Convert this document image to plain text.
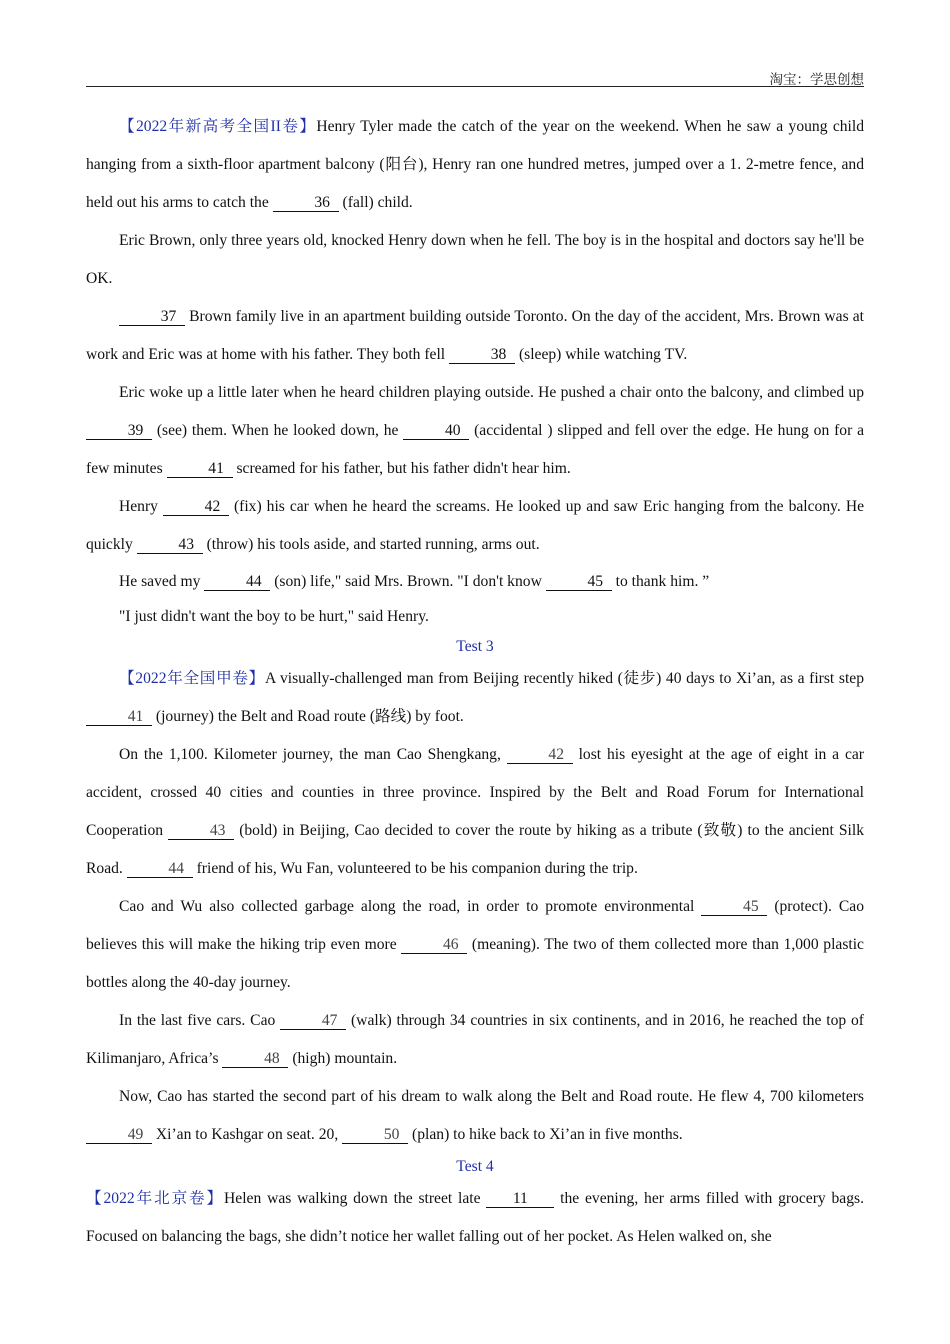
淘宝：学思创想

【2022年新高考全国II卷】Henry Tyler made the catch of the year on the weekend. When he saw a young child hanging from a sixth-floor apartment balcony (阳台), Henry ran one hundred metres, jumped over a 1. 2-metre fence, and held out his arms to catch the	36 (fall) child.

Eric Brown, only three years old, knocked Henry down when he fell. The boy is in the hospital and doctors say he'll be OK.

37 Brown family live in an apartment building outside Toronto. On the day of the accident, Mrs. Brown was at work and Eric was at home with his father. They both fell	38 (sleep) while watching TV.

Eric woke up a little later when he heard children playing outside. He pushed a chair onto the balcony, and climbed up 39 (see) them. When he looked down, he	40 (accidental ) slipped and fell over the edge. He hung on for a few minutes	41 screamed for his father, but his father didn't hear him.

Henry	42 (fix) his car when he heard the screams. He looked up and saw Eric hanging from the balcony. He quickly	43 (throw) his tools aside, and started running, arms out.

He saved my	44 (son) life," said Mrs. Brown. "I don't know	45 to thank him. ”

"I just didn't want the boy to be hurt," said Henry.

Test 3

【2022年全国甲卷】A visually-challenged man from Beijing recently hiked (徒步) 40 days to Xi’an, as a first step 41 (journey) the Belt and Road route (路线) by foot.

On the 1,100. Kilometer journey, the man Cao Shengkang,	42 lost his eyesight at the age of eight in a car accident, crossed 40 cities and counties in three province. Inspired by the Belt and Road Forum for International Cooperation	43 (bold) in Beijing, Cao decided to cover the route by hiking as a tribute (致敬) to the ancient Silk Road.	44 friend of his, Wu Fan, volunteered to be his companion during the trip.

Cao and Wu also collected garbage along the road, in order to promote environmental	45 (protect). Cao believes this will make the hiking trip even more	46 (meaning). The two of them collected more than 1,000 plastic bottles along the 40-day journey.

In the last five cars. Cao	47 (walk) through 34 countries in six continents, and in 2016, he reached the top of Kilimanjaro, Africa’s	48 (high) mountain.

Now, Cao has started the second part of his dream to walk along the Belt and Road route. He flew 4, 700 kilometers 49 Xi’an to Kashgar on seat. 20,	50 (plan) to hike back to Xi’an in five months.

Test 4

【2022年北京卷】Helen was walking down the street late 11 the evening, her arms filled with grocery bags. Focused on balancing the bags, she didn’t notice her wallet falling out of her pocket. As Helen walked on, she
